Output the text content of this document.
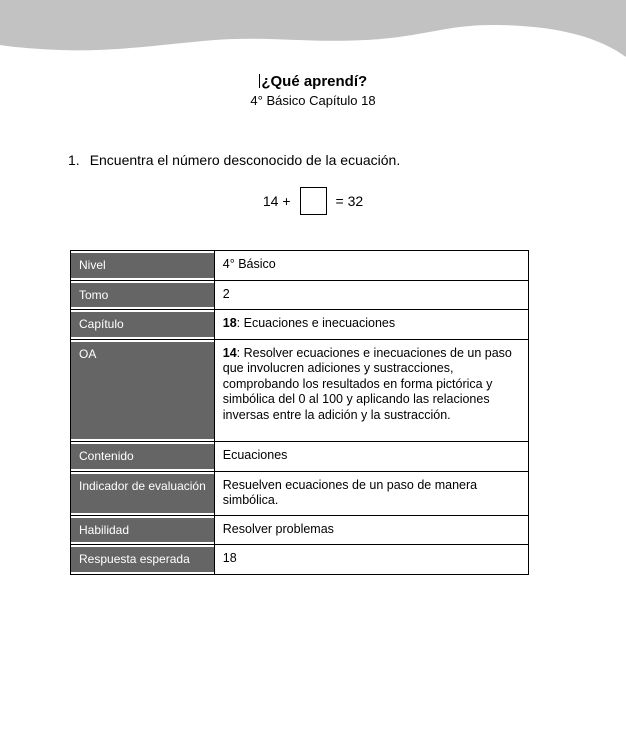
¿Qué aprendí?
4° Básico Capítulo 18
1. Encuentra el número desconocido de la ecuación.
14 +	= 32
Nivel	4° Básico
Tomo	2
Capítulo	18: Ecuaciones e inecuaciones
OA	14: Resolver ecuaciones e inecuaciones de un paso que involucren adiciones y sustracciones, comprobando los resultados en forma pictórica y simbólica del 0 al 100 y aplicando las relaciones inversas entre la adición y la sustracción.
Contenido	Ecuaciones
Indicador de evaluación	Resuelven ecuaciones de un paso de manera simbólica.
Habilidad	Resolver problemas
Respuesta esperada	18
